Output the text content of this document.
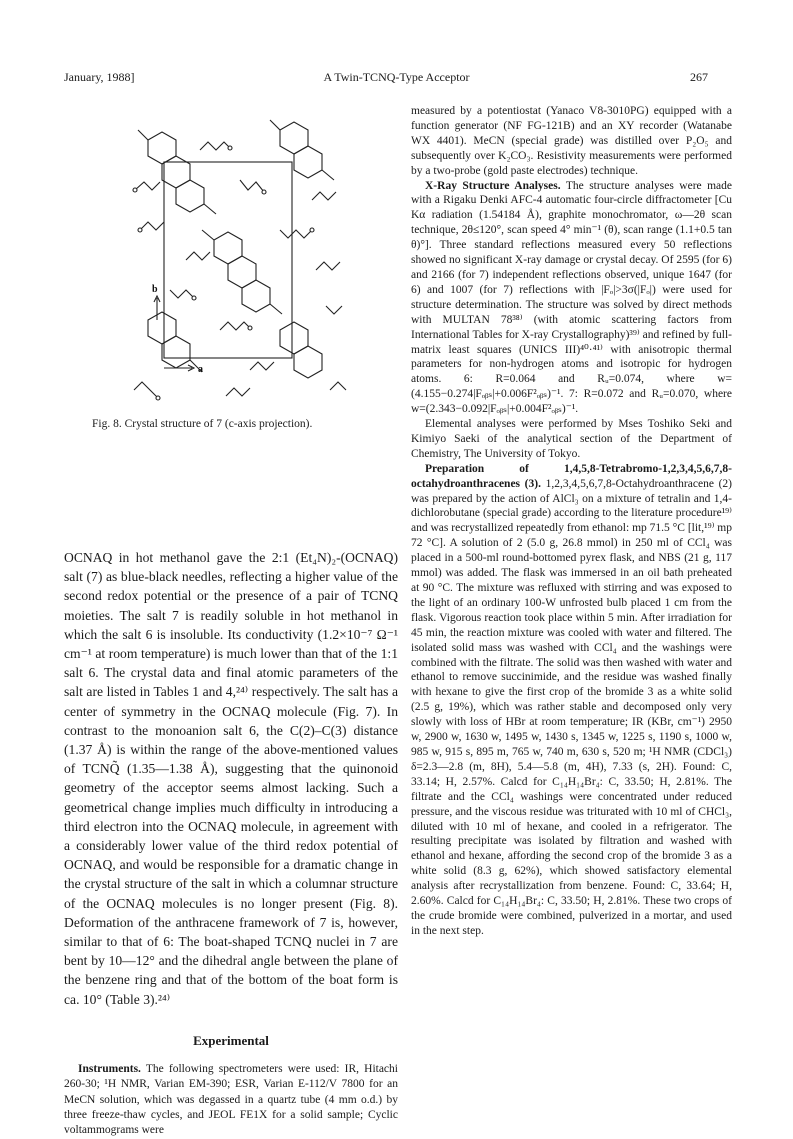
January, 1988]	A Twin-TCNQ-Type Acceptor	267
b
a
Fig. 8. Crystal structure of 7 (c-axis projection).

OCNAQ in hot methanol gave the 2:1 (Et₄N)₂-(OCNAQ) salt (7) as blue-black needles, reflecting a higher value of the second redox potential or the presence of a pair of TCNQ moieties. The salt 7 is readily soluble in hot methanol in which the salt 6 is insoluble. Its conductivity (1.2×10⁻⁷ Ω⁻¹ cm⁻¹ at room temperature) is much lower than that of the 1:1 salt 6. The crystal data and final atomic parameters of the salt are listed in Tables 1 and 4,²⁴⁾ respectively. The salt has a center of symmetry in the OCNAQ molecule (Fig. 7). In contrast to the monoanion salt 6, the C(2)–C(3) distance (1.37 Å) is within the range of the above-mentioned values of TCNQ̃ (1.35—1.38 Å), suggesting that the quinonoid geometry of the acceptor seems almost lacking. Such a geometrical change implies much difficulty in introducing a third electron into the OCNAQ molecule, in agreement with a considerably lower value of the third redox potential of OCNAQ, and would be responsible for a dramatic change in the crystal structure of the salt in which a columnar structure of the OCNAQ molecules is no longer present (Fig. 8). Deformation of the anthracene framework of 7 is, however, similar to that of 6: The boat-shaped TCNQ nuclei in 7 are bent by 10—12° and the dihedral angle between the plane of the benzene ring and that of the bottom of the boat form is ca. 10° (Table 3).²⁴⁾

Experimental

Instruments. The following spectrometers were used: IR, Hitachi 260-30; ¹H NMR, Varian EM-390; ESR, Varian E-112/V 7800 for an MeCN solution, which was degassed in a quartz tube (4 mm o.d.) by three freeze-thaw cycles, and JEOL FE1X for a solid sample; Cyclic voltammograms were

measured by a potentiostat (Yanaco V8-3010PG) equipped with a function generator (NF FG-121B) and an XY recorder (Watanabe WX 4401). MeCN (special grade) was distilled over P₂O₅ and subsequently over K₂CO₃. Resistivity measurements were performed by a two-probe (gold paste electrodes) technique.

X-Ray Structure Analyses. The structure analyses were made with a Rigaku Denki AFC-4 automatic four-circle diffractometer [Cu Kα radiation (1.54184 Å), graphite monochromator, ω—2θ scan technique, 2θ≤120°, scan speed 4° min⁻¹ (θ), scan range (1.1+0.5 tan θ)°]. Three standard reflections measured every 50 reflections showed no significant X-ray damage or crystal decay. Of 2595 (for 6) and 2166 (for 7) independent reflections observed, unique 1647 (for 6) and 1007 (for 7) reflections with |Fₒ|>3σ(|Fₒ|) were used for structure determination. The structure was solved by direct methods with MULTAN 78³⁸⁾ (with atomic scattering factors from International Tables for X-ray Crystallography)³⁹⁾ and refined by full-matrix least squares (UNICS III)⁴⁰·⁴¹⁾ with anisotropic thermal parameters for non-hydrogen atoms and isotropic for hydrogen atoms. 6: R=0.064 and Rᵤ=0.074, where w=(4.155−0.274|Fₒᵦₛ|+0.006F²ₒᵦₛ)⁻¹. 7: R=0.072 and Rᵤ=0.070, where w=(2.343−0.092|Fₒᵦₛ|+0.004F²ₒᵦₛ)⁻¹.

Elemental analyses were performed by Mses Toshiko Seki and Kimiyo Saeki of the analytical section of the Department of Chemistry, The University of Tokyo.

Preparation of 1,4,5,8-Tetrabromo-1,2,3,4,5,6,7,8-octahydroanthracenes (3). 1,2,3,4,5,6,7,8-Octahydroanthracene (2) was prepared by the action of AlCl₃ on a mixture of tetralin and 1,4-dichlorobutane (special grade) according to the literature procedure¹⁹⁾ and was recrystallized repeatedly from ethanol: mp 71.5 °C [lit,¹⁹⁾ mp 72 °C]. A solution of 2 (5.0 g, 26.8 mmol) in 250 ml of CCl₄ was placed in a 500-ml round-bottomed pyrex flask, and NBS (21 g, 117 mmol) was added. The flask was immersed in an oil bath preheated at 90 °C. The mixture was refluxed with stirring and was exposed to the light of an ordinary 100-W unfrosted bulb placed 1 cm from the flask. Vigorous reaction took place within 5 min. After irradiation for 45 min, the reaction mixture was cooled with water and filtered. The isolated solid mass was washed with CCl₄ and the washings were combined with the filtrate. The solid was then washed with water and ethanol to remove succinimide, and the residue was washed finally with hexane to give the first crop of the bromide 3 as a white solid (2.5 g, 19%), which was rather stable and decomposed only very slowly with loss of HBr at room temperature; IR (KBr, cm⁻¹) 2950 w, 2900 w, 1630 w, 1495 w, 1430 s, 1345 w, 1225 s, 1190 s, 1000 w, 985 w, 915 s, 895 m, 765 w, 740 m, 630 s, 520 m; ¹H NMR (CDCl₃) δ=2.3—2.8 (m, 8H), 5.4—5.8 (m, 4H), 7.33 (s, 2H). Found: C, 33.14; H, 2.57%. Calcd for C₁₄H₁₄Br₄: C, 33.50; H, 2.81%. The filtrate and the CCl₄ washings were concentrated under reduced pressure, and the viscous residue was triturated with 10 ml of CHCl₃, diluted with 10 ml of hexane, and cooled in a refrigerator. The resulting precipitate was isolated by filtration and washed with ethanol and hexane, affording the second crop of the bromide 3 as a white solid (8.3 g, 62%), which showed satisfactory elemental analysis after recrystallization from benzene. Found: C, 33.64; H, 2.60%. Calcd for C₁₄H₁₄Br₄: C, 33.50; H, 2.81%. These two crops of the crude bromide were combined, pulverized in a mortar, and used in the next step.
